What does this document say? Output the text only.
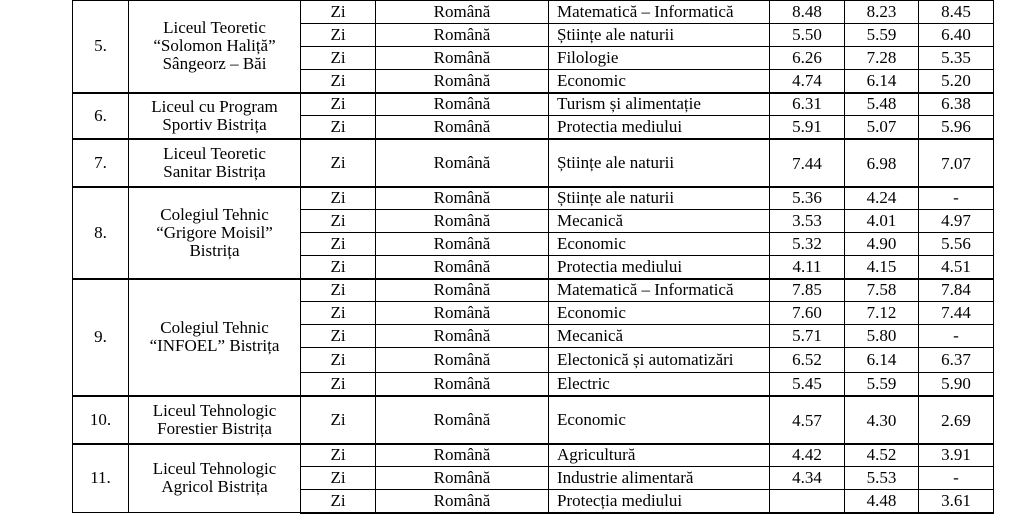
5.	Liceul Teoretic
“Solomon Haliță”
Sângeorz – Băi	Zi	Română	Matematică – Informatică	8.48	8.23	8.45
		Zi	Română	Științe ale naturii	5.50	5.59	6.40
		Zi	Română	Filologie	6.26	7.28	5.35
		Zi	Română	Economic	4.74	6.14	5.20
6.	Liceul cu Program
Sportiv Bistrița	Zi	Română	Turism și alimentație	6.31	5.48	6.38
		Zi	Română	Protectia mediului	5.91	5.07	5.96
7.	Liceul Teoretic
Sanitar Bistrița	Zi	Română	Științe ale naturii	7.44	6.98	7.07
8.	Colegiul Tehnic
“Grigore Moisil”
Bistrița	Zi	Română	Științe ale naturii	5.36	4.24	-
		Zi	Română	Mecanică	3.53	4.01	4.97
		Zi	Română	Economic	5.32	4.90	5.56
		Zi	Română	Protectia mediului	4.11	4.15	4.51
9.	Colegiul Tehnic
“INFOEL” Bistrița	Zi	Română	Matematică – Informatică	7.85	7.58	7.84
		Zi	Română	Economic	7.60	7.12	7.44
		Zi	Română	Mecanică	5.71	5.80	-
		Zi	Română	Electonică și automatizări	6.52	6.14	6.37
		Zi	Română	Electric	5.45	5.59	5.90
10.	Liceul Tehnologic
Forestier Bistrița	Zi	Română	Economic	4.57	4.30	2.69
11.	Liceul Tehnologic
Agricol Bistrița	Zi	Română	Agricultură	4.42	4.52	3.91
		Zi	Română	Industrie alimentară	4.34	5.53	-
		Zi	Română	Protecția mediului		4.48	3.61
